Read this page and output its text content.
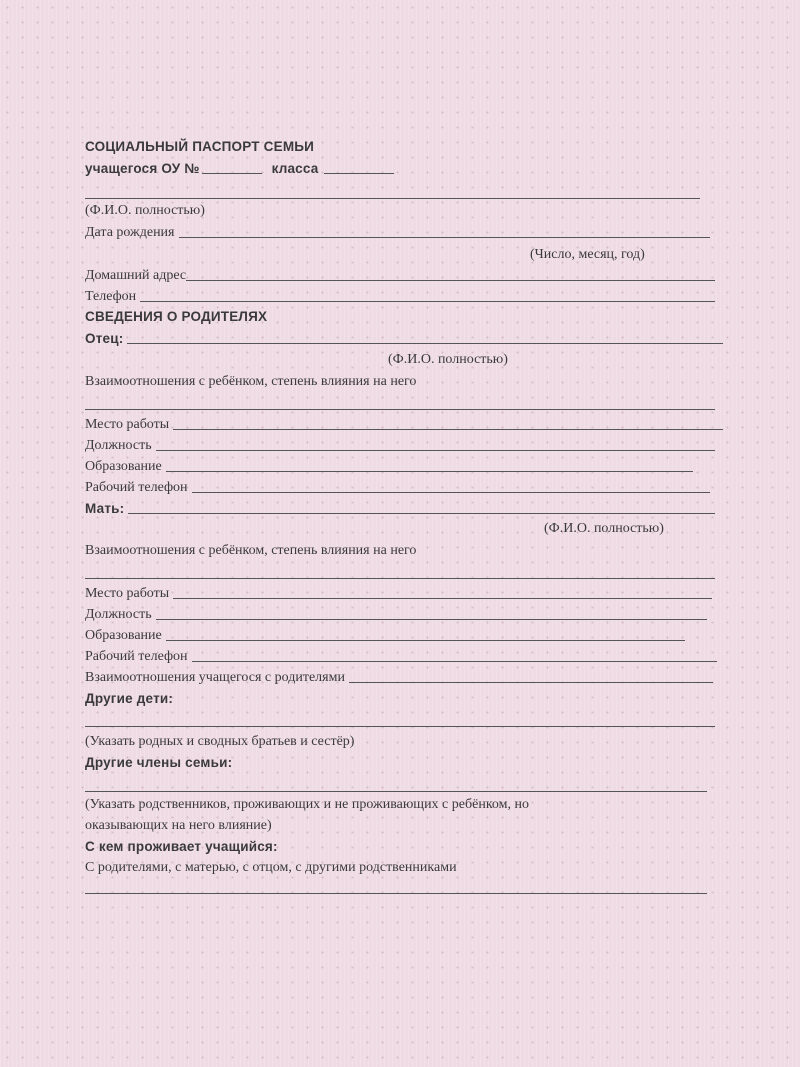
СОЦИАЛЬНЫЙ ПАСПОРТ СЕМЬИ
учащегося ОУ №	класса
(Ф.И.О. полностью)
Дата рождения
(Число, месяц, год)
Домашний адрес
Телефон
СВЕДЕНИЯ О РОДИТЕЛЯХ
Отец:
(Ф.И.О. полностью)
Взаимоотношения с ребёнком, степень влияния на него
Место работы
Должность
Образование
Рабочий телефон
Мать:
(Ф.И.О. полностью)
Взаимоотношения с ребёнком, степень влияния на него
Место работы
Должность
Образование
Рабочий телефон
Взаимоотношения учащегося с родителями
Другие дети:
(Указать родных и сводных братьев и сестёр)
Другие члены семьи:
(Указать родственников, проживающих и не проживающих с ребёнком, но
оказывающих на него влияние)
С кем проживает учащийся:
С родителями, с матерью, с отцом, с другими родственниками
